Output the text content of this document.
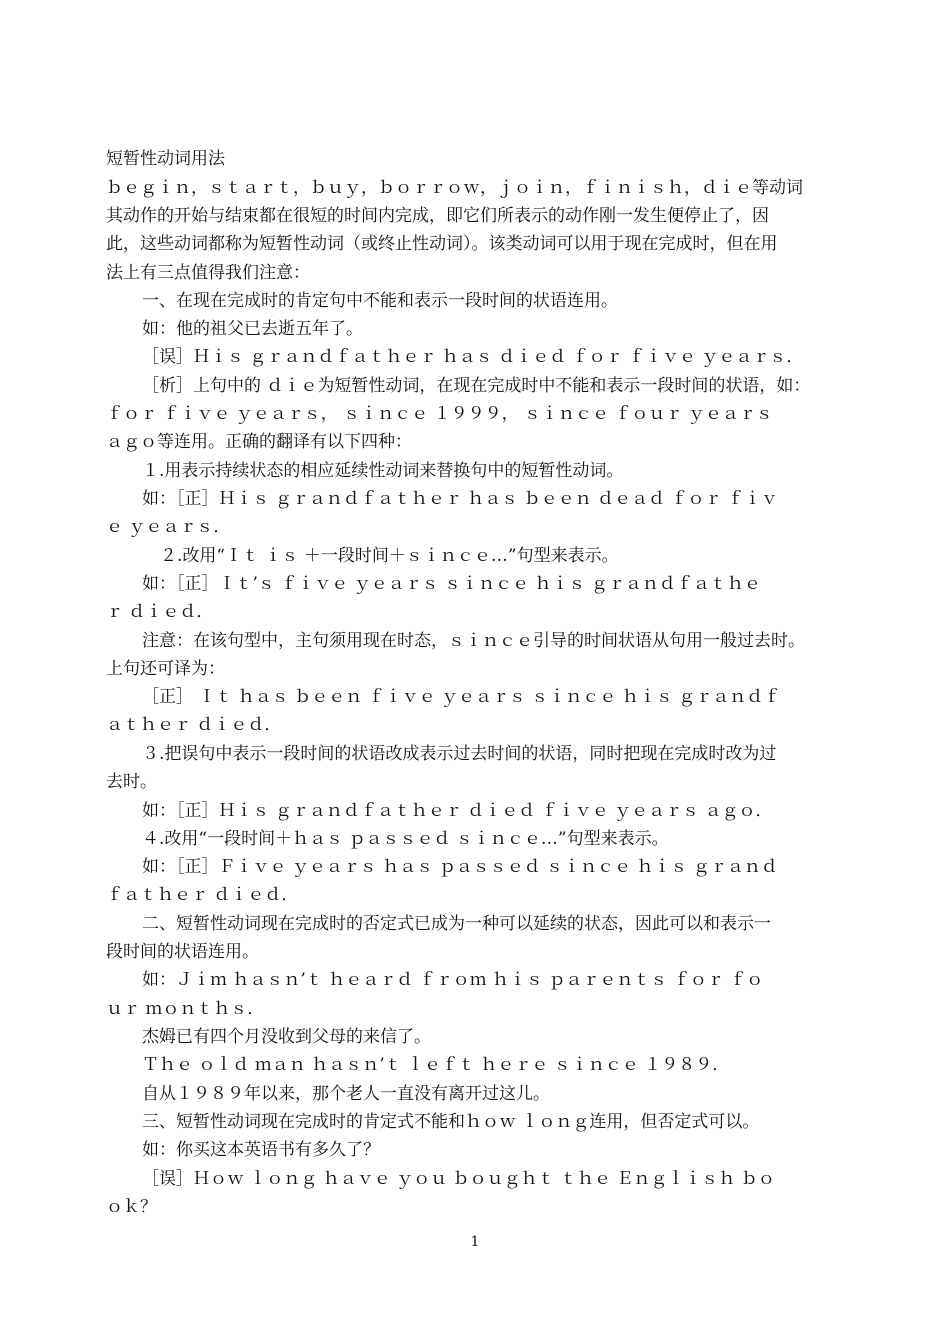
短暂性动词用法
ｂｅｇｉｎ，ｓｔａｒｔ，ｂｕｙ，ｂｏｒｒｏｗ，ｊｏｉｎ，ｆｉｎｉｓｈ，ｄｉｅ等动词
其动作的开始与结束都在很短的时间内完成，即它们所表示的动作刚一发生便停止了，因
此，这些动词都称为短暂性动词（或终止性动词）。该类动词可以用于现在完成时，但在用
法上有三点值得我们注意：
一、在现在完成时的肯定句中不能和表示一段时间的状语连用。
如：他的祖父已去逝五年了。
［误］Ｈｉｓ ｇｒａｎｄｆａｔｈｅｒ ｈａｓ ｄｉｅｄ ｆｏｒ ｆｉｖｅ ｙｅａｒｓ．
［析］上句中的 ｄｉｅ为短暂性动词，在现在完成时中不能和表示一段时间的状语，如：
ｆｏｒ ｆｉｖｅ ｙｅａｒｓ， ｓｉｎｃｅ １９９９， ｓｉｎｃｅ ｆｏｕｒ ｙｅａｒｓ
ａｇｏ等连用。正确的翻译有以下四种：
１.用表示持续状态的相应延续性动词来替换句中的短暂性动词。
如：［正］Ｈｉｓ ｇｒａｎｄｆａｔｈｅｒ ｈａｓ ｂｅｅｎ ｄｅａｄ ｆｏｒ ｆｉｖ
ｅ ｙｅａｒｓ．
２.改用“Ｉｔ ｉｓ ＋一段时间＋ｓｉｎｃｅ…”句型来表示。
如：［正］Ｉｔ’ｓ ｆｉｖｅ ｙｅａｒｓ ｓｉｎｃｅ ｈｉｓ ｇｒａｎｄｆａｔｈｅ
ｒ ｄｉｅｄ．
注意：在该句型中，主句须用现在时态，ｓｉｎｃｅ引导的时间状语从句用一般过去时。
上句还可译为：
［正］ Ｉｔ ｈａｓ ｂｅｅｎ ｆｉｖｅ ｙｅａｒｓ ｓｉｎｃｅ ｈｉｓ ｇｒａｎｄｆ
ａｔｈｅｒ ｄｉｅｄ．
３.把误句中表示一段时间的状语改成表示过去时间的状语，同时把现在完成时改为过
去时。
如：［正］Ｈｉｓ ｇｒａｎｄｆａｔｈｅｒ ｄｉｅｄ ｆｉｖｅ ｙｅａｒｓ ａｇｏ．
４.改用“一段时间＋ｈａｓ ｐａｓｓｅｄ ｓｉｎｃｅ…”句型来表示。
如：［正］Ｆｉｖｅ ｙｅａｒｓ ｈａｓ ｐａｓｓｅｄ ｓｉｎｃｅ ｈｉｓ ｇｒａｎｄ
ｆａｔｈｅｒ ｄｉｅｄ．
二、短暂性动词现在完成时的否定式已成为一种可以延续的状态，因此可以和表示一
段时间的状语连用。
如：Ｊｉｍ ｈａｓｎ’ｔ ｈｅａｒｄ ｆｒｏｍ ｈｉｓ ｐａｒｅｎｔｓ ｆｏｒ ｆｏ
ｕｒ ｍｏｎｔｈｓ．
杰姆已有四个月没收到父母的来信了。
Ｔｈｅ ｏｌｄ ｍａｎ ｈａｓｎ’ｔ ｌｅｆｔ ｈｅｒｅ ｓｉｎｃｅ １９８９．
自从１９８９年以来，那个老人一直没有离开过这儿。
三、短暂性动词现在完成时的肯定式不能和ｈｏｗ ｌｏｎｇ连用，但否定式可以。
如：你买这本英语书有多久了？
［误］Ｈｏｗ ｌｏｎｇ ｈａｖｅ ｙｏｕ ｂｏｕｇｈｔ ｔｈｅ Ｅｎｇｌｉｓｈ ｂｏ
ｏｋ？
1
